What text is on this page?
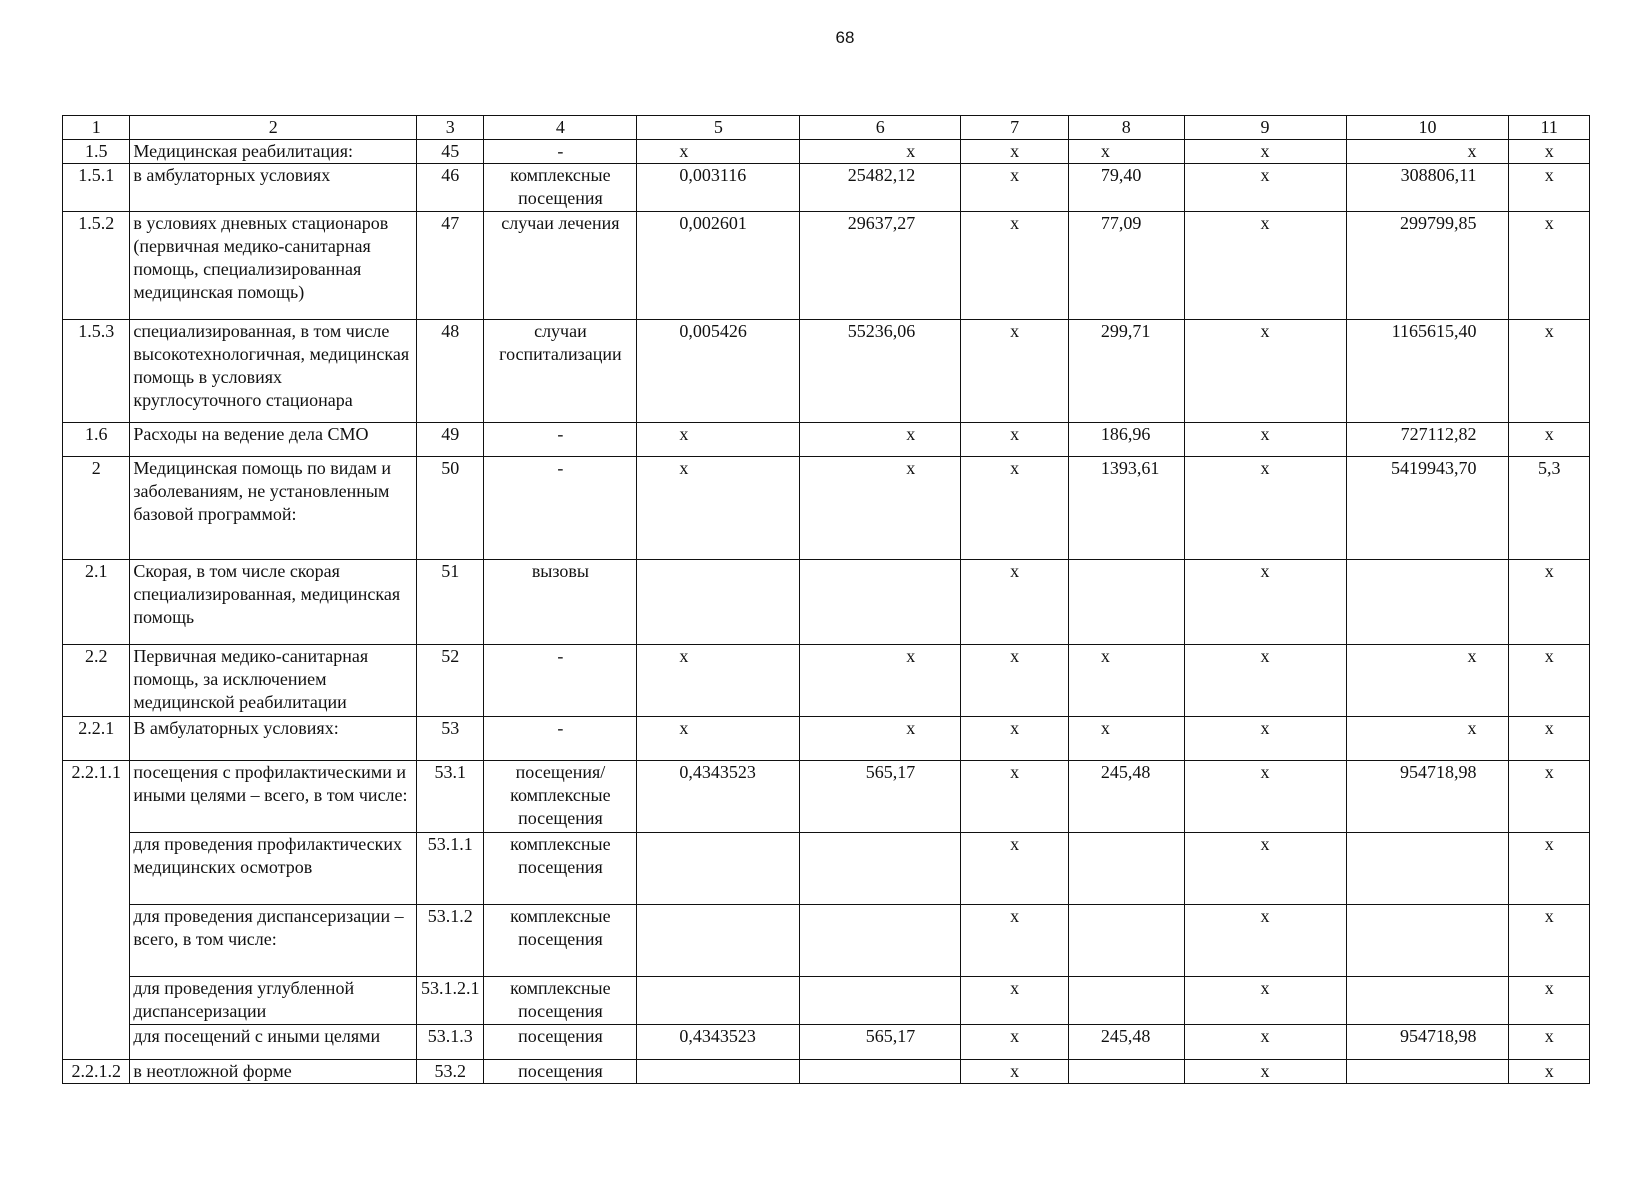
68
1	2	3	4	5	6	7	8	9	10	11
1.5	Медицинская реабилитация:	45	-	х	х	х	х	х	х	х
1.5.1	в амбулаторных условиях	46	комплексные посещения	0,003116	25482,12	х	79,40	х	308806,11	х
1.5.2	в условиях дневных стационаров (первичная медико-санитарная помощь, специализированная медицинская помощь)	47	случаи лечения	0,002601	29637,27	х	77,09	х	299799,85	х
1.5.3	специализированная, в том числе высокотехнологичная, медицинская помощь в условиях круглосуточного стационара	48	случаи госпитализации	0,005426	55236,06	х	299,71	х	1165615,40	х
1.6	Расходы на ведение дела СМО	49	-	х	х	х	186,96	х	727112,82	х
2	Медицинская помощь по видам и заболеваниям, не установленным базовой программой:	50	-	х	х	х	1393,61	х	5419943,70	5,3
2.1	Скорая, в том числе скорая специализированная, медицинская помощь	51	вызовы			х		х		х
2.2	Первичная медико-санитарная помощь, за исключением медицинской реабилитации	52	-	х	х	х	х	х	х	х
2.2.1	В амбулаторных условиях:	53	-	х	х	х	х	х	х	х
2.2.1.1	посещения с профилактическими и иными целями – всего, в том числе:	53.1	посещения/ комплексные посещения	0,4343523	565,17	х	245,48	х	954718,98	х
	для проведения профилактических медицинских осмотров	53.1.1	комплексные посещения			х		х		х
	для проведения диспансеризации – всего, в том числе:	53.1.2	комплексные посещения			х		х		х
	для проведения углубленной диспансеризации	53.1.2.1	комплексные посещения			х		х		х
	для посещений с иными целями	53.1.3	посещения	0,4343523	565,17	х	245,48	х	954718,98	х
2.2.1.2	в неотложной форме	53.2	посещения			х		х		х
